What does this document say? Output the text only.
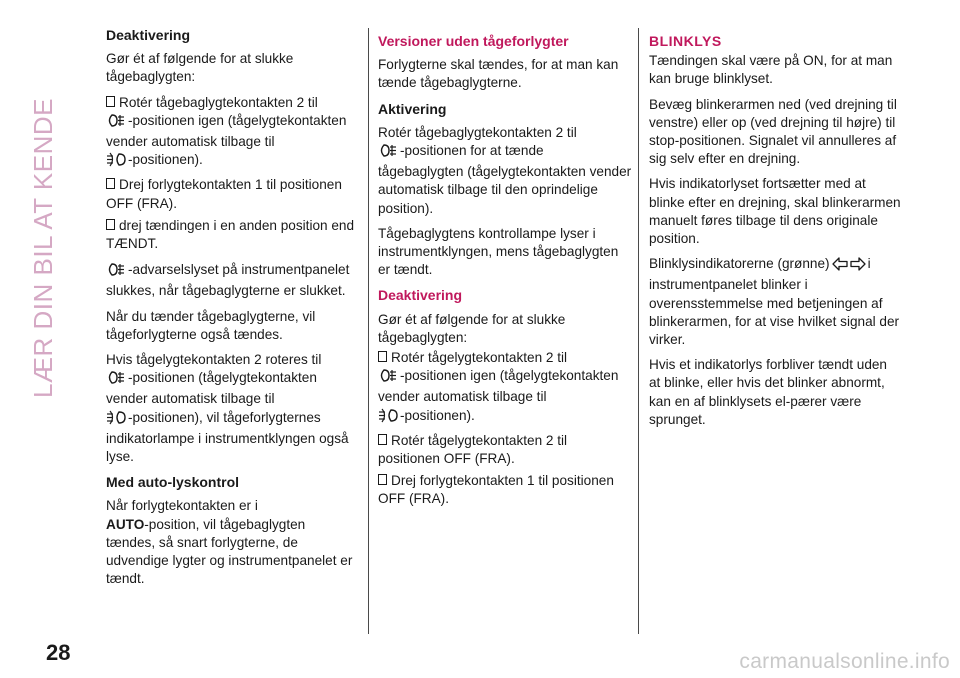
LÆR DIN BIL AT KENDE
Deaktivering

Gør ét af følgende for at slukke tågebaglygten:

Rotér tågebaglygtekontakten 2 til
-positionen igen (tågelygtekontakten vender automatisk tilbage til
-positionen).
Drej forlygtekontakten 1 til positionen OFF (FRA).
drej tændingen i en anden position end TÆNDT.

-advarselslyset på instrumentpanelet slukkes, når tågebaglygterne er slukket.

Når du tænder tågebaglygterne, vil tågeforlygterne også tændes.

Hvis tågelygtekontakten 2 roteres til
-positionen (tågelygtekontakten vender automatisk tilbage til
-positionen), vil tågeforlygternes indikatorlampe i instrumentklyngen også lyse.

Med auto-lyskontrol

Når forlygtekontakten er i
AUTO-position, vil tågebaglygten tændes, så snart forlygterne, de udvendige lygter og instrumentpanelet er tændt.

Versioner uden tågeforlygter

Forlygterne skal tændes, for at man kan tænde tågebaglygterne.

Aktivering

Rotér tågebaglygtekontakten 2 til
-positionen for at tænde tågebaglygten (tågelygtekontakten vender automatisk tilbage til den oprindelige position).

Tågebaglygtens kontrollampe lyser i instrumentklyngen, mens tågebaglygten er tændt.

Deaktivering

Gør ét af følgende for at slukke tågebaglygten:

Rotér tågelygtekontakten 2 til
-positionen igen (tågelygtekontakten vender automatisk tilbage til
-positionen).
Rotér tågelygtekontakten 2 til positionen OFF (FRA).
Drej forlygtekontakten 1 til positionen OFF (FRA).
BLINKLYS

Tændingen skal være på ON, for at man kan bruge blinklyset.

Bevæg blinkerarmen ned (ved drejning til venstre) eller op (ved drejning til højre) til stop-positionen. Signalet vil annulleres af sig selv efter en drejning.

Hvis indikatorlyset fortsætter med at blinke efter en drejning, skal blinkerarmen manuelt føres tilbage til dens originale position.

Blinklysindikatorerne (grønne)	i instrumentpanelet blinker i overensstemmelse med betjeningen af blinkerarmen, for at vise hvilket signal der virker.

Hvis et indikatorlys forbliver tændt uden at blinke, eller hvis det blinker abnormt, kan en af blinklysets el-pærer være sprunget.

28	carmanualsonline.info
